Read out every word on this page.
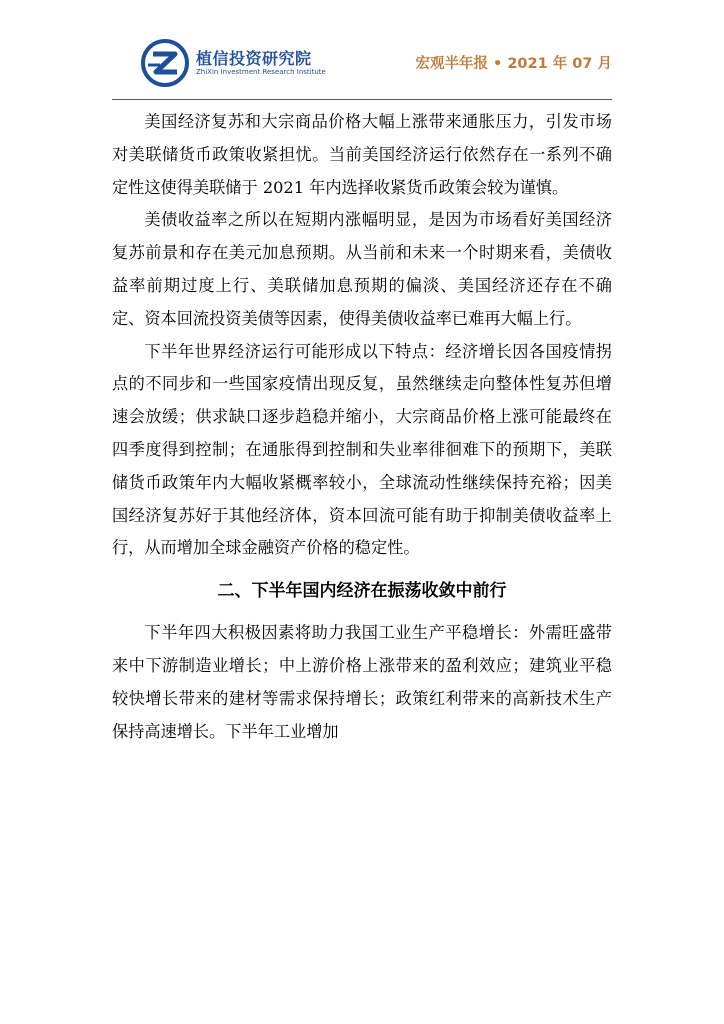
植信投资研究院
ZhiXin Investment Research Institute	宏观半年报 • 2021 年 07 月

美国经济复苏和大宗商品价格大幅上涨带来通胀压力，引发市场对美联储货币政策收紧担忧。当前美国经济运行依然存在一系列不确定性这使得美联储于 2021 年内选择收紧货币政策会较为谨慎。

美债收益率之所以在短期内涨幅明显，是因为市场看好美国经济复苏前景和存在美元加息预期。从当前和未来一个时期来看，美债收益率前期过度上行、美联储加息预期的偏淡、美国经济还存在不确定、资本回流投资美债等因素，使得美债收益率已难再大幅上行。

下半年世界经济运行可能形成以下特点：经济增长因各国疫情拐点的不同步和一些国家疫情出现反复，虽然继续走向整体性复苏但增速会放缓；供求缺口逐步趋稳并缩小，大宗商品价格上涨可能最终在四季度得到控制；在通胀得到控制和失业率徘徊难下的预期下，美联储货币政策年内大幅收紧概率较小，全球流动性继续保持充裕；因美国经济复苏好于其他经济体，资本回流可能有助于抑制美债收益率上行，从而增加全球金融资产价格的稳定性。

二、下半年国内经济在振荡收敛中前行

下半年四大积极因素将助力我国工业生产平稳增长：外需旺盛带来中下游制造业增长；中上游价格上涨带来的盈利效应；建筑业平稳较快增长带来的建材等需求保持增长；政策红利带来的高新技术生产保持高速增长。下半年工业增加
